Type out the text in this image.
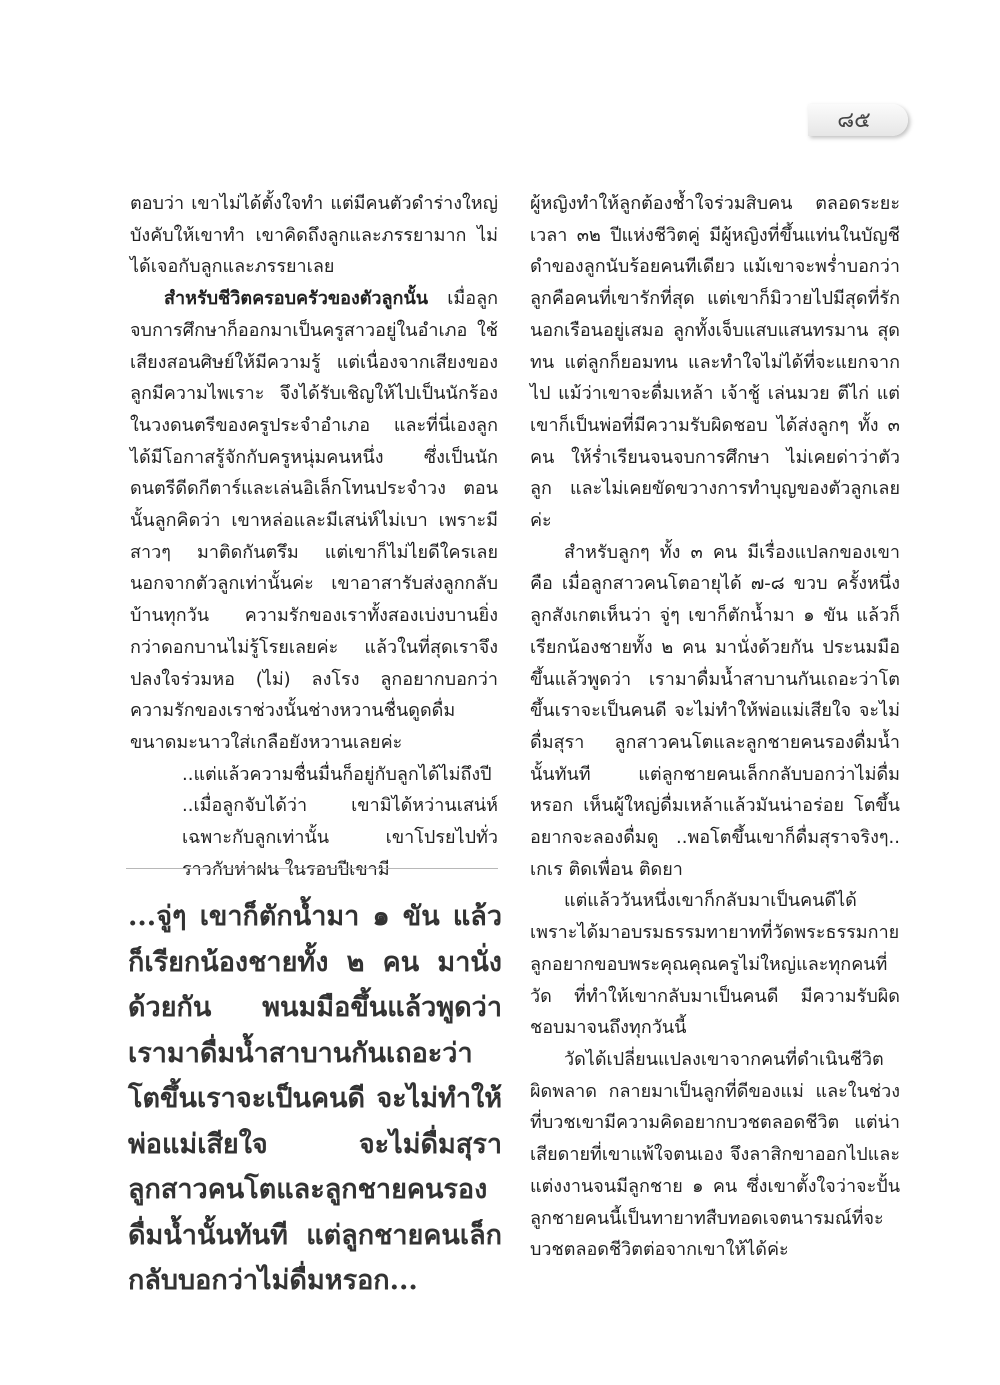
๘๕

ตอบว่า เขาไม่ได้ตั้งใจทำ แต่มีคนตัวดำร่างใหญ่บังคับให้เขาทำ เขาคิดถึงลูกและภรรยามาก ไม่ได้เจอกับลูกและภรรยาเลย

สำหรับชีวิตครอบครัวของตัวลูกนั้น เมื่อลูกจบการศึกษาก็ออกมาเป็นครูสาวอยู่ในอำเภอ ใช้เสียงสอนศิษย์ให้มีความรู้ แต่เนื่องจากเสียงของลูกมีความไพเราะ จึงได้รับเชิญให้ไปเป็นนักร้องในวงดนตรีของครูประจำอำเภอ และที่นี่เองลูกได้มีโอกาสรู้จักกับครูหนุ่มคนหนึ่ง ซึ่งเป็นนักดนตรีดีดกีตาร์และเล่นอิเล็กโทนประจำวง ตอนนั้นลูกคิดว่า เขาหล่อและมีเสน่ห์ไม่เบา เพราะมีสาวๆ มาติดกันตรึม แต่เขาก็ไม่ไยดีใครเลย นอกจากตัวลูกเท่านั้นค่ะ เขาอาสารับส่งลูกกลับบ้านทุกวัน ความรักของเราทั้งสองเบ่งบานยิ่งกว่าดอกบานไม่รู้โรยเลยค่ะ แล้วในที่สุดเราจึงปลงใจร่วมหอ (ไม่) ลงโรง ลูกอยากบอกว่า ความรักของเราช่วงนั้นช่างหวานชื่นดูดดื่มขนาดมะนาวใส่เกลือยังหวานเลยค่ะ

..แต่แล้วความชื่นมื่นก็อยู่กับลูกได้ไม่ถึงปี ..เมื่อลูกจับได้ว่า เขามิได้หว่านเสน่ห์เฉพาะกับลูกเท่านั้น เขาโปรยไปทั่วราวกับห่าฝน ในรอบปีเขามี

...จู่ๆ เขาก็ตักน้ำมา ๑ ขัน แล้วก็เรียกน้องชายทั้ง ๒ คน มานั่งด้วยกัน พนมมือขึ้นแล้วพูดว่า เรามาดื่มน้ำสาบานกันเถอะว่าโตขึ้นเราจะเป็นคนดี จะไม่ทำให้พ่อแม่เสียใจ จะไม่ดื่มสุรา ลูกสาวคนโตและลูกชายคนรองดื่มน้ำนั้นทันที แต่ลูกชายคนเล็กกลับบอกว่าไม่ดื่มหรอก...

ผู้หญิงทำให้ลูกต้องช้ำใจร่วมสิบคน ตลอดระยะเวลา ๓๒ ปีแห่งชีวิตคู่ มีผู้หญิงที่ขึ้นแท่นในบัญชีดำของลูกนับร้อยคนทีเดียว แม้เขาจะพร่ำบอกว่า ลูกคือคนที่เขารักที่สุด แต่เขาก็มิวายไปมีสุดที่รักนอกเรือนอยู่เสมอ ลูกทั้งเจ็บแสบแสนทรมาน สุดทน แต่ลูกก็ยอมทน และทำใจไม่ได้ที่จะแยกจากไป แม้ว่าเขาจะดื่มเหล้า เจ้าชู้ เล่นมวย ตีไก่ แต่เขาก็เป็นพ่อที่มีความรับผิดชอบ ได้ส่งลูกๆ ทั้ง ๓ คน ให้ร่ำเรียนจนจบการศึกษา ไม่เคยด่าว่าตัวลูก และไม่เคยขัดขวางการทำบุญของตัวลูกเลยค่ะ

สำหรับลูกๆ ทั้ง ๓ คน มีเรื่องแปลกของเขาคือ เมื่อลูกสาวคนโตอายุได้ ๗-๘ ขวบ ครั้งหนึ่งลูกสังเกตเห็นว่า จู่ๆ เขาก็ตักน้ำมา ๑ ขัน แล้วก็เรียกน้องชายทั้ง ๒ คน มานั่งด้วยกัน ประนมมือขึ้นแล้วพูดว่า เรามาดื่มน้ำสาบานกันเถอะว่าโตขึ้นเราจะเป็นคนดี จะไม่ทำให้พ่อแม่เสียใจ จะไม่ดื่มสุรา ลูกสาวคนโตและลูกชายคนรองดื่มน้ำนั้นทันที แต่ลูกชายคนเล็กกลับบอกว่าไม่ดื่มหรอก เห็นผู้ใหญ่ดื่มเหล้าแล้วมันน่าอร่อย โตขึ้นอยากจะลองดื่มดู ..พอโตขึ้นเขาก็ดื่มสุราจริงๆ.. เกเร ติดเพื่อน ติดยา

แต่แล้ววันหนึ่งเขาก็กลับมาเป็นคนดีได้ เพราะได้มาอบรมธรรมทายาทที่วัดพระธรรมกาย ลูกอยากขอบพระคุณคุณครูไม่ใหญ่และทุกคนที่วัด ที่ทำให้เขากลับมาเป็นคนดี มีความรับผิดชอบมาจนถึงทุกวันนี้

วัดได้เปลี่ยนแปลงเขาจากคนที่ดำเนินชีวิตผิดพลาด กลายมาเป็นลูกที่ดีของแม่ และในช่วงที่บวชเขามีความคิดอยากบวชตลอดชีวิต แต่น่าเสียดายที่เขาแพ้ใจตนเอง จึงลาสิกขาออกไปและแต่งงานจนมีลูกชาย ๑ คน ซึ่งเขาตั้งใจว่าจะปั้นลูกชายคนนี้เป็นทายาทสืบทอดเจตนารมณ์ที่จะบวชตลอดชีวิตต่อจากเขาให้ได้ค่ะ
